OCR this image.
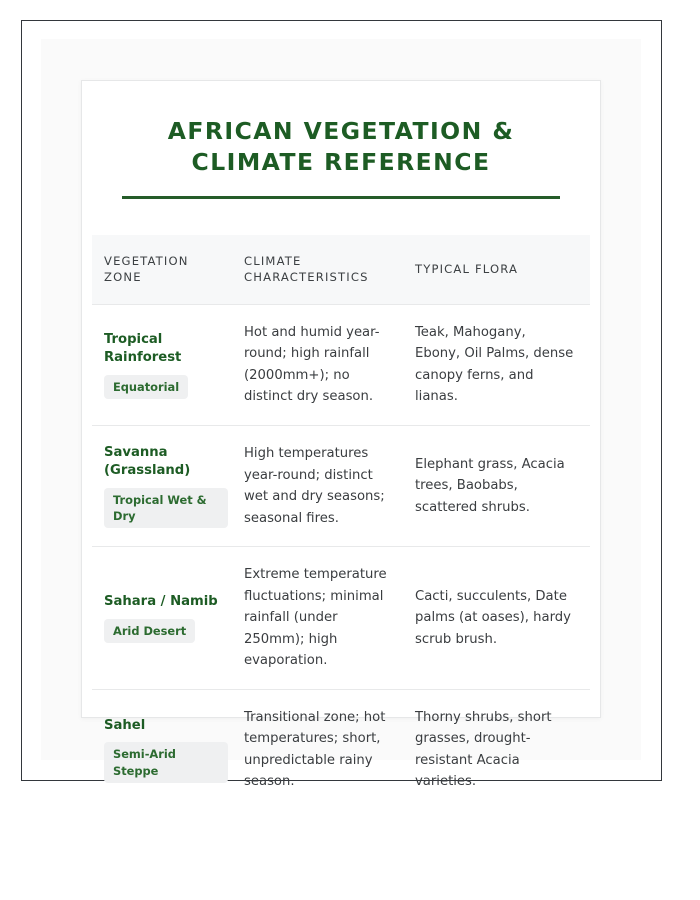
AFRICAN VEGETATION & CLIMATE REFERENCE
VEGETATION ZONE	CLIMATE CHARACTERISTICS	TYPICAL FLORA

Tropical Rainforest
Equatorial	Hot and humid year-round; high rainfall (2000mm+); no distinct dry season.	Teak, Mahogany, Ebony, Oil Palms, dense canopy ferns, and lianas.

Savanna (Grassland)
Tropical Wet & Dry	High temperatures year-round; distinct wet and dry seasons; seasonal fires.	Elephant grass, Acacia trees, Baobabs, scattered shrubs.

Sahara / Namib
Arid Desert	Extreme temperature fluctuations; minimal rainfall (under 250mm); high evaporation.	Cacti, succulents, Date palms (at oases), hardy scrub brush.

Sahel
Semi-Arid Steppe	Transitional zone; hot temperatures; short, unpredictable rainy season.	Thorny shrubs, short grasses, drought-resistant Acacia varieties.
